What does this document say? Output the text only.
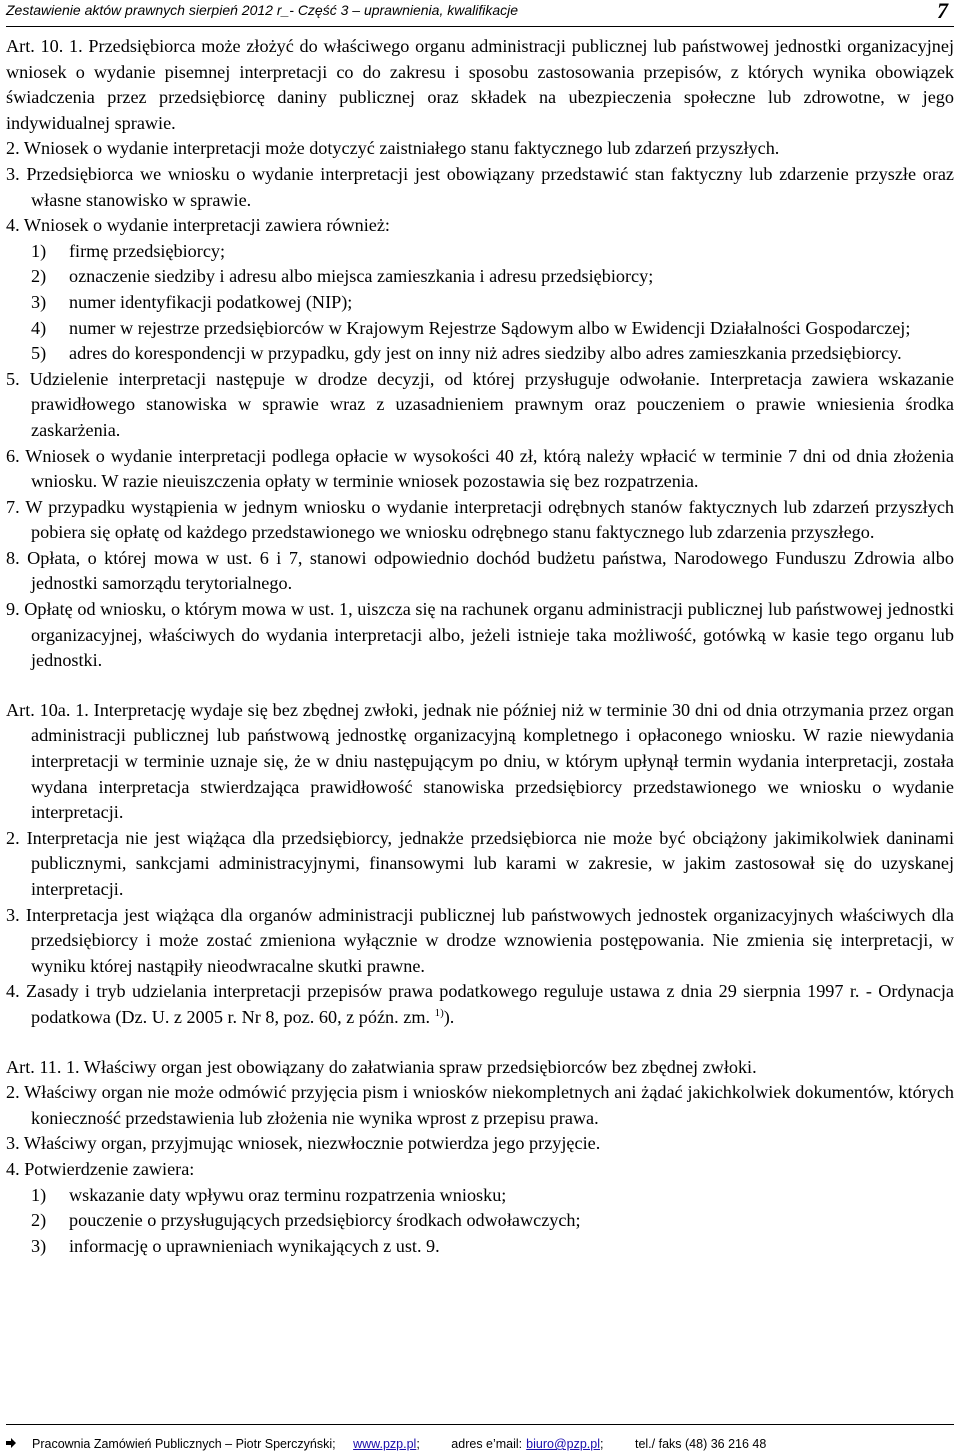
Zestawienie aktów prawnych sierpień 2012 r_- Część 3 – uprawnienia, kwalifikacje	7

Art. 10. 1. Przedsiębiorca może złożyć do właściwego organu administracji publicznej lub państwowej jednostki organizacyjnej wniosek o wydanie pisemnej interpretacji co do zakresu i sposobu zastosowania przepisów, z których wynika obowiązek świadczenia przez przedsiębiorcę daniny publicznej oraz składek na ubezpieczenia społeczne lub zdrowotne, w jego indywidualnej sprawie.

2. Wniosek o wydanie interpretacji może dotyczyć zaistniałego stanu faktycznego lub zdarzeń przyszłych.

3. Przedsiębiorca we wniosku o wydanie interpretacji jest obowiązany przedstawić stan faktyczny lub zdarzenie przyszłe oraz własne stanowisko w sprawie.

4. Wniosek o wydanie interpretacji zawiera również:

1) firmę przedsiębiorcy;
2) oznaczenie siedziby i adresu albo miejsca zamieszkania i adresu przedsiębiorcy;
3) numer identyfikacji podatkowej (NIP);
4) numer w rejestrze przedsiębiorców w Krajowym Rejestrze Sądowym albo w Ewidencji Działalności Gospodarczej;
5) adres do korespondencji w przypadku, gdy jest on inny niż adres siedziby albo adres zamieszkania przedsiębiorcy.

5. Udzielenie interpretacji następuje w drodze decyzji, od której przysługuje odwołanie. Interpretacja zawiera wskazanie prawidłowego stanowiska w sprawie wraz z uzasadnieniem prawnym oraz pouczeniem o prawie wniesienia środka zaskarżenia.

6. Wniosek o wydanie interpretacji podlega opłacie w wysokości 40 zł, którą należy wpłacić w terminie 7 dni od dnia złożenia wniosku. W razie nieuiszczenia opłaty w terminie wniosek pozostawia się bez rozpatrzenia.

7. W przypadku wystąpienia w jednym wniosku o wydanie interpretacji odrębnych stanów faktycznych lub zdarzeń przyszłych pobiera się opłatę od każdego przedstawionego we wniosku odrębnego stanu faktycznego lub zdarzenia przyszłego.

8. Opłata, o której mowa w ust. 6 i 7, stanowi odpowiednio dochód budżetu państwa, Narodowego Funduszu Zdrowia albo jednostki samorządu terytorialnego.

9. Opłatę od wniosku, o którym mowa w ust. 1, uiszcza się na rachunek organu administracji publicznej lub państwowej jednostki organizacyjnej, właściwych do wydania interpretacji albo, jeżeli istnieje taka możliwość, gotówką w kasie tego organu lub jednostki.

Art. 10a. 1. Interpretację wydaje się bez zbędnej zwłoki, jednak nie później niż w terminie 30 dni od dnia otrzymania przez organ administracji publicznej lub państwową jednostkę organizacyjną kompletnego i opłaconego wniosku. W razie niewydania interpretacji w terminie uznaje się, że w dniu następującym po dniu, w którym upłynął termin wydania interpretacji, została wydana interpretacja stwierdzająca prawidłowość stanowiska przedsiębiorcy przedstawionego we wniosku o wydanie interpretacji.

2. Interpretacja nie jest wiążąca dla przedsiębiorcy, jednakże przedsiębiorca nie może być obciążony jakimikolwiek daninami publicznymi, sankcjami administracyjnymi, finansowymi lub karami w zakresie, w jakim zastosował się do uzyskanej interpretacji.

3. Interpretacja jest wiążąca dla organów administracji publicznej lub państwowych jednostek organizacyjnych właściwych dla przedsiębiorcy i może zostać zmieniona wyłącznie w drodze wznowienia postępowania. Nie zmienia się interpretacji, w wyniku której nastąpiły nieodwracalne skutki prawne.

4. Zasady i tryb udzielania interpretacji przepisów prawa podatkowego reguluje ustawa z dnia 29 sierpnia 1997 r. - Ordynacja podatkowa (Dz. U. z 2005 r. Nr 8, poz. 60, z późn. zm. $^{1)}$).

Art. 11. 1. Właściwy organ jest obowiązany do załatwiania spraw przedsiębiorców bez zbędnej zwłoki.

2. Właściwy organ nie może odmówić przyjęcia pism i wniosków niekompletnych ani żądać jakichkolwiek dokumentów, których konieczność przedstawienia lub złożenia nie wynika wprost z przepisu prawa.

3. Właściwy organ, przyjmując wniosek, niezwłocznie potwierdza jego przyjęcie.

4. Potwierdzenie zawiera:

1) wskazanie daty wpływu oraz terminu rozpatrzenia wniosku;
2) pouczenie o przysługujących przedsiębiorcy środkach odwoławczych;
3) informację o uprawnieniach wynikających z ust. 9.
Pracownia Zamówień Publicznych – Piotr Sperczyński; www.pzp.pl;	adres e’mail: biuro@pzp.pl;	tel./ faks (48) 36 216 48
